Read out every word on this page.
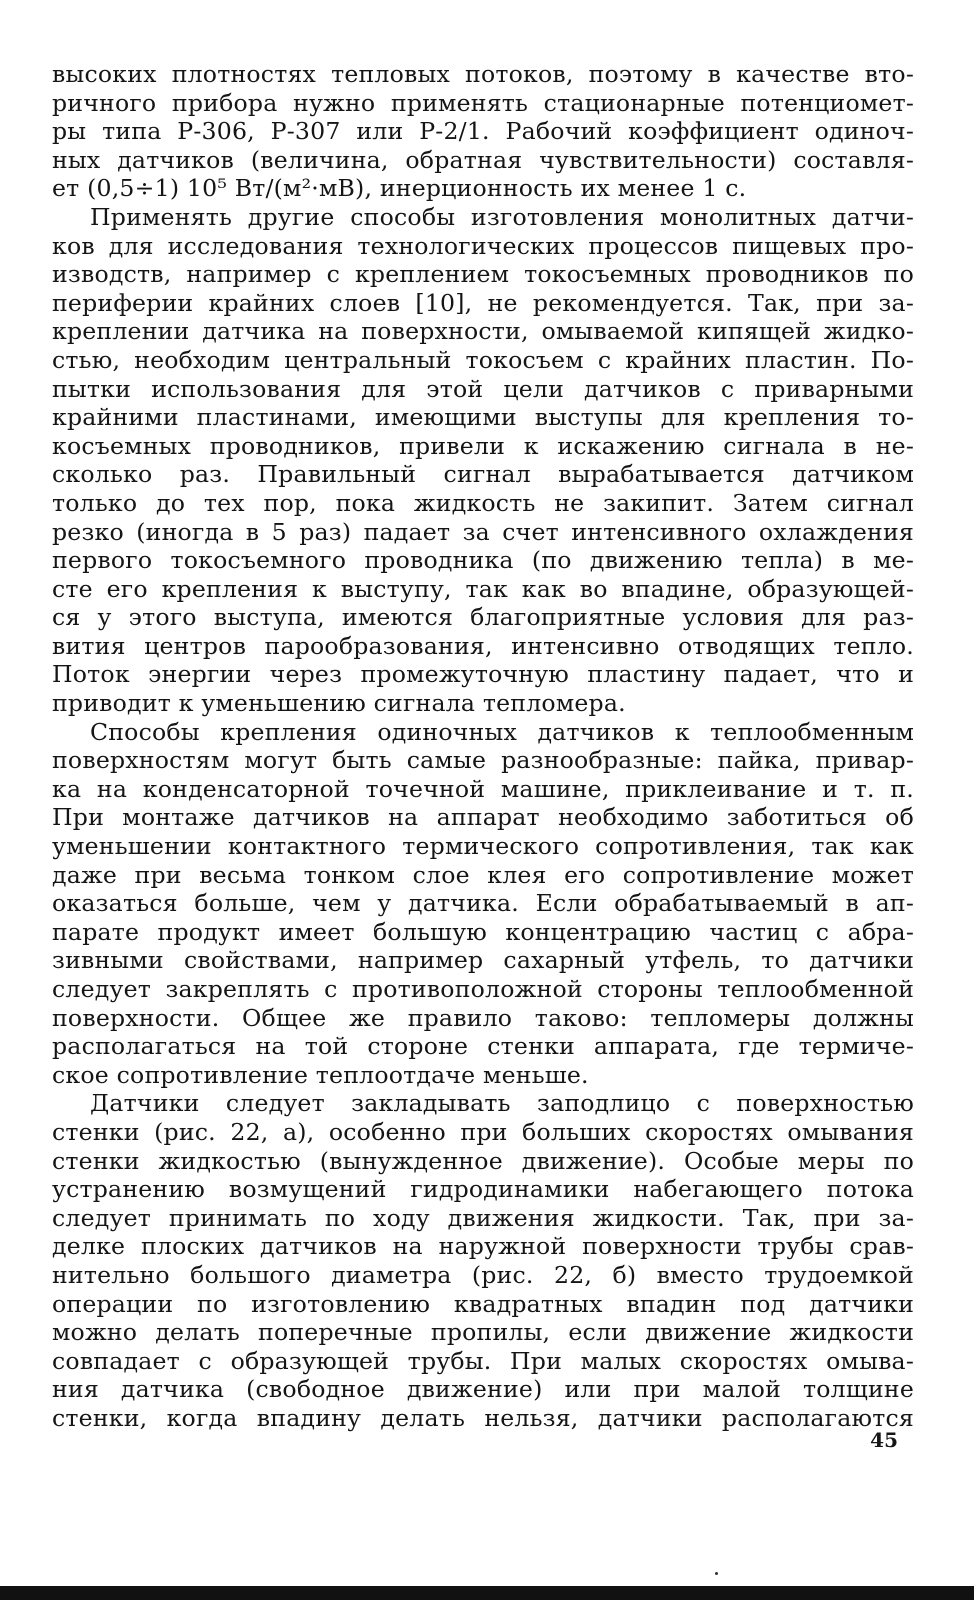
высоких плотностях тепловых потоков, поэтому в качестве вто-
ричного прибора нужно применять стационарные потенциомет-
ры типа Р-306, Р-307 или Р-2/1. Рабочий коэффициент одиноч-
ных датчиков (величина, обратная чувствительности) составля-
ет (0,5÷1) 10⁵ Вт/(м²·мВ), инерционность их менее 1 с.
Применять другие способы изготовления монолитных датчи-
ков для исследования технологических процессов пищевых про-
изводств, например с креплением токосъемных проводников по
периферии крайних слоев [10], не рекомендуется. Так, при за-
креплении датчика на поверхности, омываемой кипящей жидко-
стью, необходим центральный токосъем с крайних пластин. По-
пытки использования для этой цели датчиков с приварными
крайними пластинами, имеющими выступы для крепления то-
косъемных проводников, привели к искажению сигнала в не-
сколько раз. Правильный сигнал вырабатывается датчиком
только до тех пор, пока жидкость не закипит. Затем сигнал
резко (иногда в 5 раз) падает за счет интенсивного охлаждения
первого токосъемного проводника (по движению тепла) в ме-
сте его крепления к выступу, так как во впадине, образующей-
ся у этого выступа, имеются благоприятные условия для раз-
вития центров парообразования, интенсивно отводящих тепло.
Поток энергии через промежуточную пластину падает, что и
приводит к уменьшению сигнала тепломера.
Способы крепления одиночных датчиков к теплообменным
поверхностям могут быть самые разнообразные: пайка, привар-
ка на конденсаторной точечной машине, приклеивание и т. п.
При монтаже датчиков на аппарат необходимо заботиться об
уменьшении контактного термического сопротивления, так как
даже при весьма тонком слое клея его сопротивление может
оказаться больше, чем у датчика. Если обрабатываемый в ап-
парате продукт имеет большую концентрацию частиц с абра-
зивными свойствами, например сахарный утфель, то датчики
следует закреплять с противоположной стороны теплообменной
поверхности. Общее же правило таково: тепломеры должны
располагаться на той стороне стенки аппарата, где термиче-
ское сопротивление теплоотдаче меньше.
Датчики следует закладывать заподлицо с поверхностью
стенки (рис. 22, а), особенно при больших скоростях омывания
стенки жидкостью (вынужденное движение). Особые меры по
устранению возмущений гидродинамики набегающего потока
следует принимать по ходу движения жидкости. Так, при за-
делке плоских датчиков на наружной поверхности трубы срав-
нительно большого диаметра (рис. 22, б) вместо трудоемкой
операции по изготовлению квадратных впадин под датчики
можно делать поперечные пропилы, если движение жидкости
совпадает с образующей трубы. При малых скоростях омыва-
ния датчика (свободное движение) или при малой толщине
стенки, когда впадину делать нельзя, датчики располагаются
45
